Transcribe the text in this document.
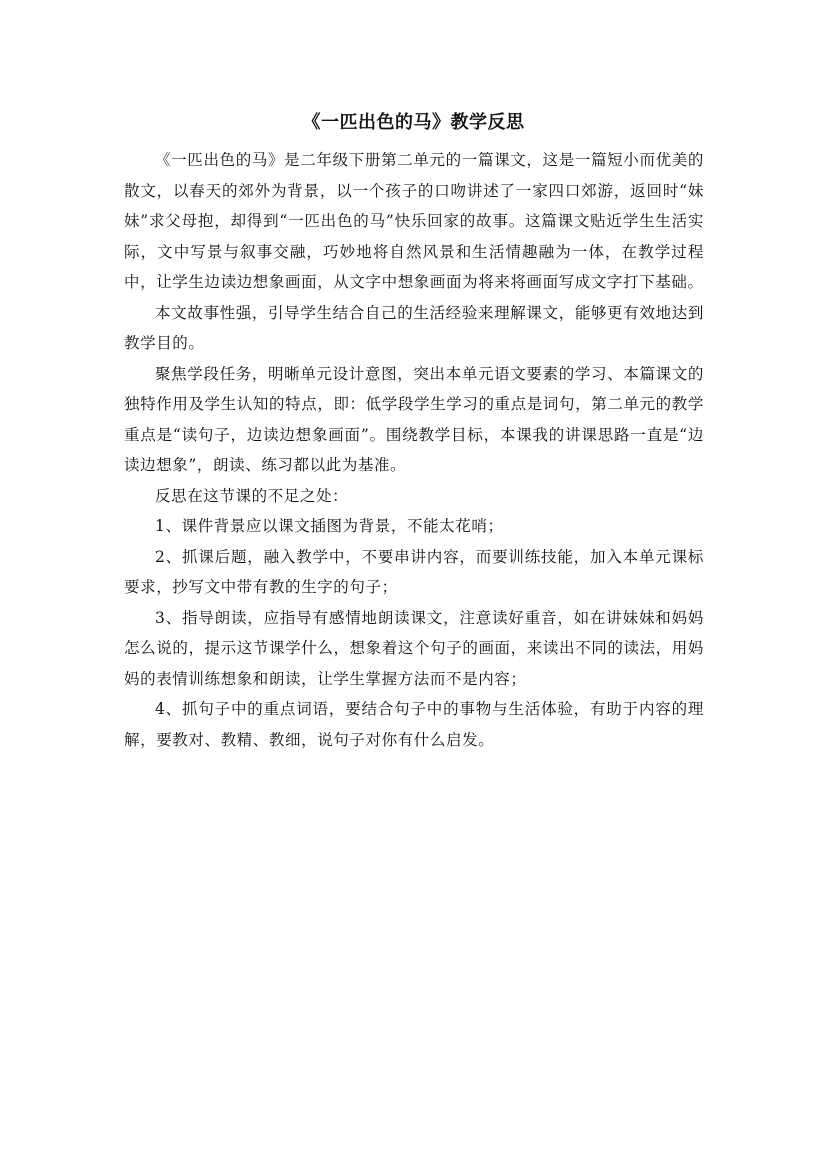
《一匹出色的马》教学反思

《一匹出色的马》是二年级下册第二单元的一篇课文，这是一篇短小而优美的散文，以春天的郊外为背景，以一个孩子的口吻讲述了一家四口郊游，返回时“妹妹”求父母抱，却得到“一匹出色的马”快乐回家的故事。这篇课文贴近学生生活实际，文中写景与叙事交融，巧妙地将自然风景和生活情趣融为一体，在教学过程中，让学生边读边想象画面，从文字中想象画面为将来将画面写成文字打下基础。

本文故事性强，引导学生结合自己的生活经验来理解课文，能够更有效地达到教学目的。

聚焦学段任务，明晰单元设计意图，突出本单元语文要素的学习、本篇课文的独特作用及学生认知的特点，即：低学段学生学习的重点是词句，第二单元的教学重点是“读句子，边读边想象画面”。围绕教学目标，本课我的讲课思路一直是“边读边想象”，朗读、练习都以此为基准。

反思在这节课的不足之处：

1、课件背景应以课文插图为背景，不能太花哨；

2、抓课后题，融入教学中，不要串讲内容，而要训练技能，加入本单元课标要求，抄写文中带有教的生字的句子；

3、指导朗读，应指导有感情地朗读课文，注意读好重音，如在讲妹妹和妈妈怎么说的，提示这节课学什么，想象着这个句子的画面，来读出不同的读法，用妈妈的表情训练想象和朗读，让学生掌握方法而不是内容；

4、抓句子中的重点词语，要结合句子中的事物与生活体验，有助于内容的理解，要教对、教精、教细，说句子对你有什么启发。
